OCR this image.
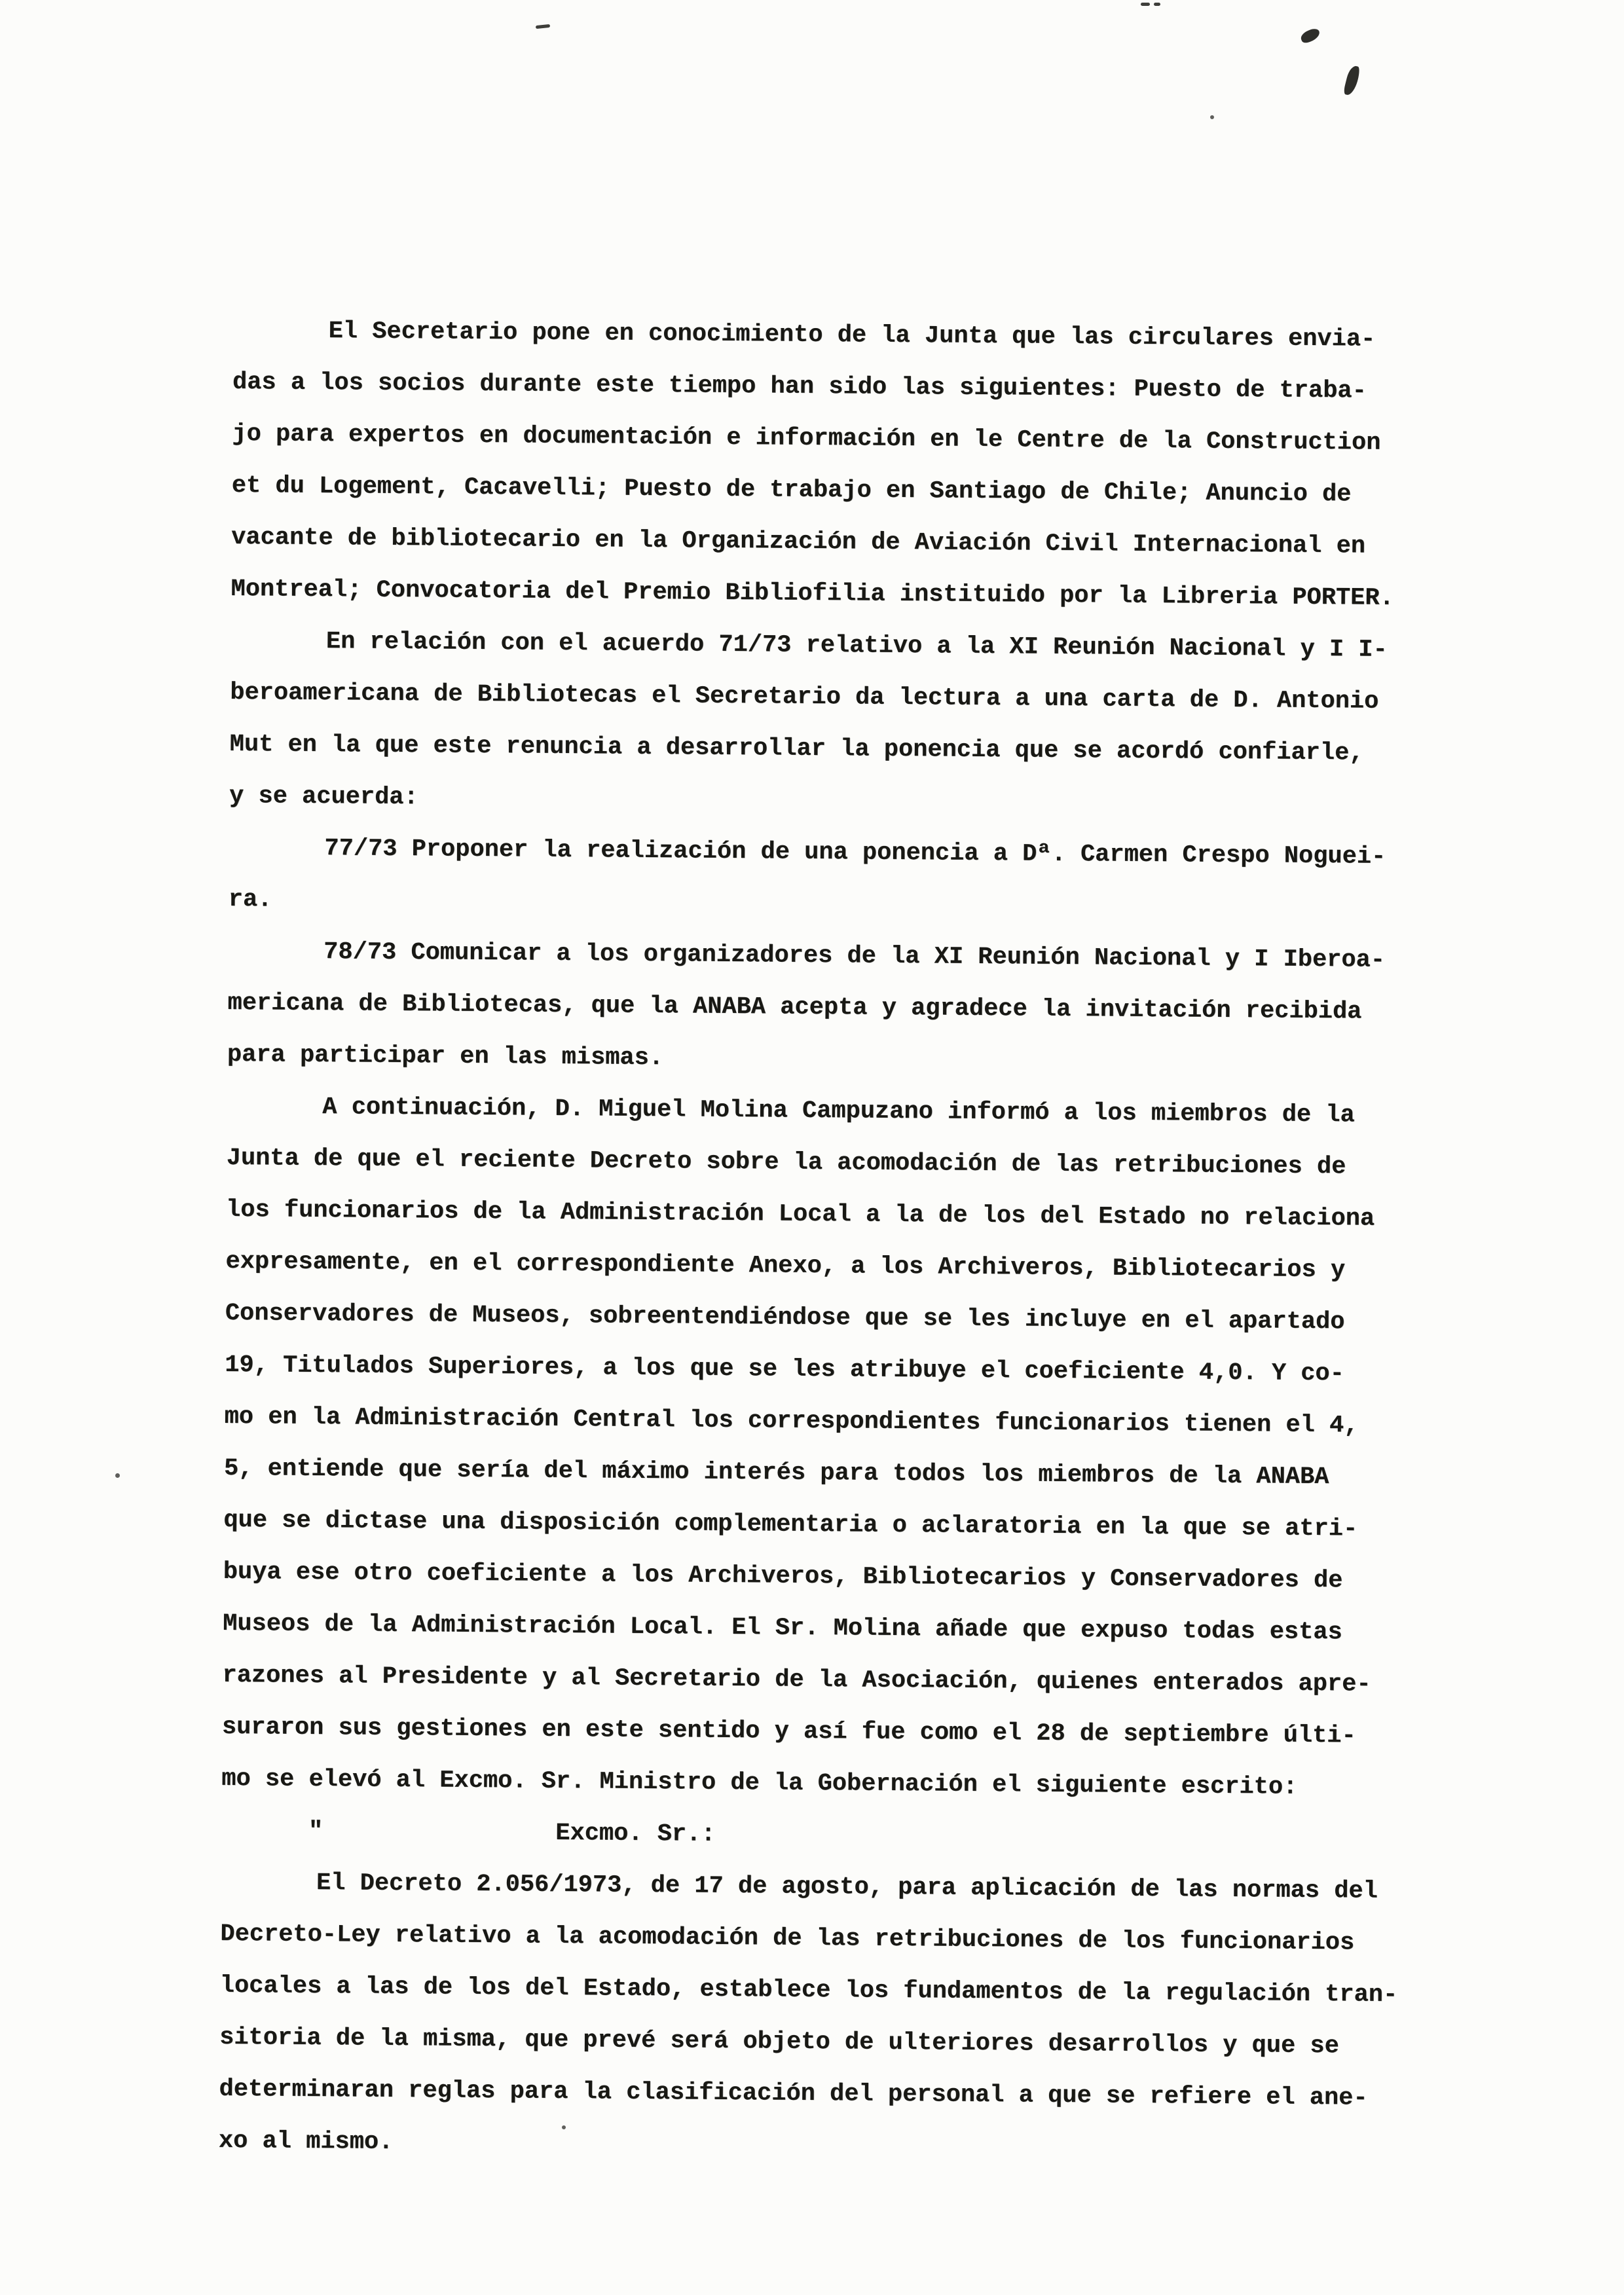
El Secretario pone en conocimiento de la Junta que las circulares envia-
das a los socios durante este tiempo han sido las siguientes: Puesto de traba-
jo para expertos en documentación e información en le Centre de la Construction
et du Logement, Cacavelli; Puesto de trabajo en Santiago de Chile; Anuncio de
vacante de bibliotecario en la Organización de Aviación Civil Internacional en
Montreal; Convocatoria del Premio Bibliofilia instituido por la Libreria PORTER.
En relación con el acuerdo 71/73 relativo a la XI Reunión Nacional y I I-
beroamericana de Bibliotecas el Secretario da lectura a una carta de D. Antonio
Mut en la que este renuncia a desarrollar la ponencia que se acordó confiarle,
y se acuerda:
77/73 Proponer la realización de una ponencia a Dª. Carmen Crespo Noguei-
ra.
78/73 Comunicar a los organizadores de la XI Reunión Nacional y I Iberoa-
mericana de Bibliotecas, que la ANABA acepta y agradece la invitación recibida
para participar en las mismas.
A continuación, D. Miguel Molina Campuzano informó a los miembros de la
Junta de que el reciente Decreto sobre la acomodación de las retribuciones de
los funcionarios de la Administración Local a la de los del Estado no relaciona
expresamente, en el correspondiente Anexo, a los Archiveros, Bibliotecarios y
Conservadores de Museos, sobreentendiéndose que se les incluye en el apartado
19, Titulados Superiores, a los que se les atribuye el coeficiente 4,0. Y co-
mo en la Administración Central los correspondientes funcionarios tienen el 4,
5, entiende que sería del máximo interés para todos los miembros de la ANABA
que se dictase una disposición complementaria o aclaratoria en la que se atri-
buya ese otro coeficiente a los Archiveros, Bibliotecarios y Conservadores de
Museos de la Administración Local. El Sr. Molina añade que expuso todas estas
razones al Presidente y al Secretario de la Asociación, quienes enterados apre-
suraron sus gestiones en este sentido y así fue como el 28 de septiembre últi-
mo se elevó al Excmo. Sr. Ministro de la Gobernación el siguiente escrito:
"                Excmo. Sr.:
El Decreto 2.056/1973, de 17 de agosto, para aplicación de las normas del
Decreto-Ley relativo a la acomodación de las retribuciones de los funcionarios
locales a las de los del Estado, establece los fundamentos de la regulación tran-
sitoria de la misma, que prevé será objeto de ulteriores desarrollos y que se
determinaran reglas para la clasificación del personal a que se refiere el ane-
xo al mismo.
